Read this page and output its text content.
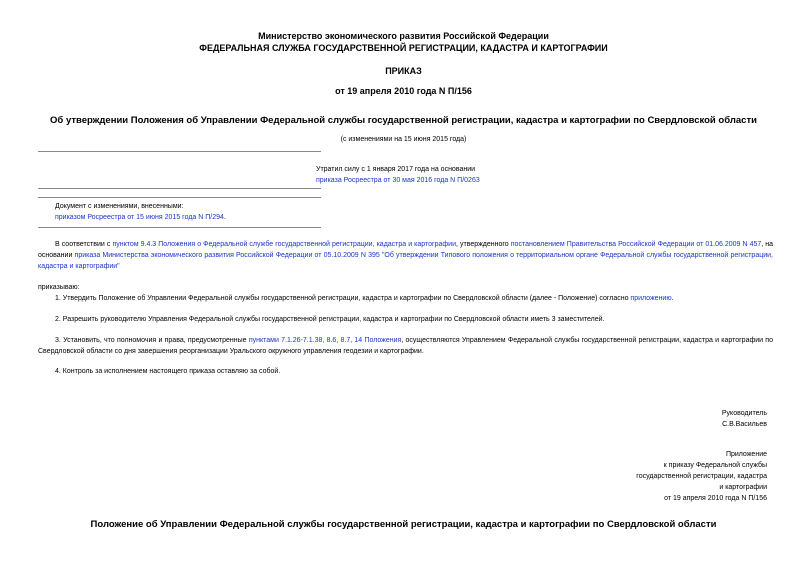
Министерство экономического развития Российской Федерации
ФЕДЕРАЛЬНАЯ СЛУЖБА ГОСУДАРСТВЕННОЙ РЕГИСТРАЦИИ, КАДАСТРА И КАРТОГРАФИИ
ПРИКАЗ
от 19 апреля 2010 года N П/156
Об утверждении Положения об Управлении Федеральной службы государственной регистрации, кадастра и картографии по Свердловской области
(с изменениями на 15 июня 2015 года)
Утратил силу с 1 января 2017 года на основании
приказа Росреестра от 30 мая 2016 года N П/0263
Документ с изменениями, внесенными:
приказом Росреестра от 15 июня 2015 года N П/294.
В соответствии с пунктом 9.4.3 Положения о Федеральной службе государственной регистрации, кадастра и картографии, утвержденного постановлением Правительства Российской Федерации от 01.06.2009 N 457, на основании приказа Министерства экономического развития Российской Федерации от 05.10.2009 N 395 "Об утверждении Типового положения о территориальном органе Федеральной службы государственной регистрации, кадастра и картографии"
приказываю:
1. Утвердить Положение об Управлении Федеральной службы государственной регистрации, кадастра и картографии по Свердловской области (далее - Положение) согласно приложению.
2. Разрешить руководителю Управления Федеральной службы государственной регистрации, кадастра и картографии по Свердловской области иметь 3 заместителей.
3. Установить, что полномочия и права, предусмотренные пунктами 7.1.26-7.1.38, 8.6, 8.7, 14 Положения, осуществляются Управлением Федеральной службы государственной регистрации, кадастра и картографии по Свердловской области со дня завершения реорганизации Уральского окружного управления геодезии и картографии.
4. Контроль за исполнением настоящего приказа оставляю за собой.
Руководитель
С.В.Васильев
Приложение
к приказу Федеральной службы
государственной регистрации, кадастра
и картографии
от 19 апреля 2010 года N П/156
Положение об Управлении Федеральной службы государственной регистрации, кадастра и картографии по Свердловской области
